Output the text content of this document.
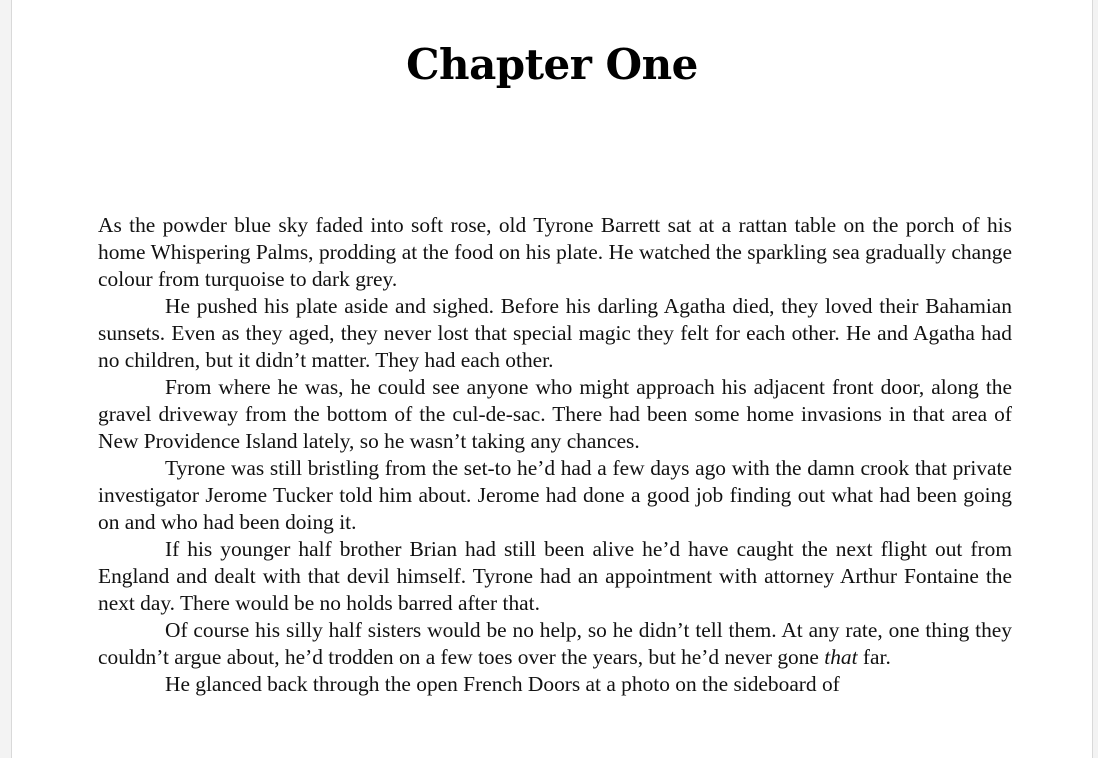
Chapter One

As the powder blue sky faded into soft rose, old Tyrone Barrett sat at a rattan table on the porch of his home Whispering Palms, prodding at the food on his plate. He watched the sparkling sea gradually change colour from turquoise to dark grey.

He pushed his plate aside and sighed. Before his darling Agatha died, they loved their Bahamian sunsets. Even as they aged, they never lost that special magic they felt for each other. He and Agatha had no children, but it didn’t matter. They had each other.

From where he was, he could see anyone who might approach his adjacent front door, along the gravel driveway from the bottom of the cul-de-sac. There had been some home invasions in that area of New Providence Island lately, so he wasn’t taking any chances.

Tyrone was still bristling from the set-to he’d had a few days ago with the damn crook that private investigator Jerome Tucker told him about. Jerome had done a good job finding out what had been going on and who had been doing it.

If his younger half brother Brian had still been alive he’d have caught the next flight out from England and dealt with that devil himself. Tyrone had an appointment with attorney Arthur Fontaine the next day. There would be no holds barred after that.

Of course his silly half sisters would be no help, so he didn’t tell them. At any rate, one thing they couldn’t argue about, he’d trodden on a few toes over the years, but he’d never gone that far.

He glanced back through the open French Doors at a photo on the sideboard of
